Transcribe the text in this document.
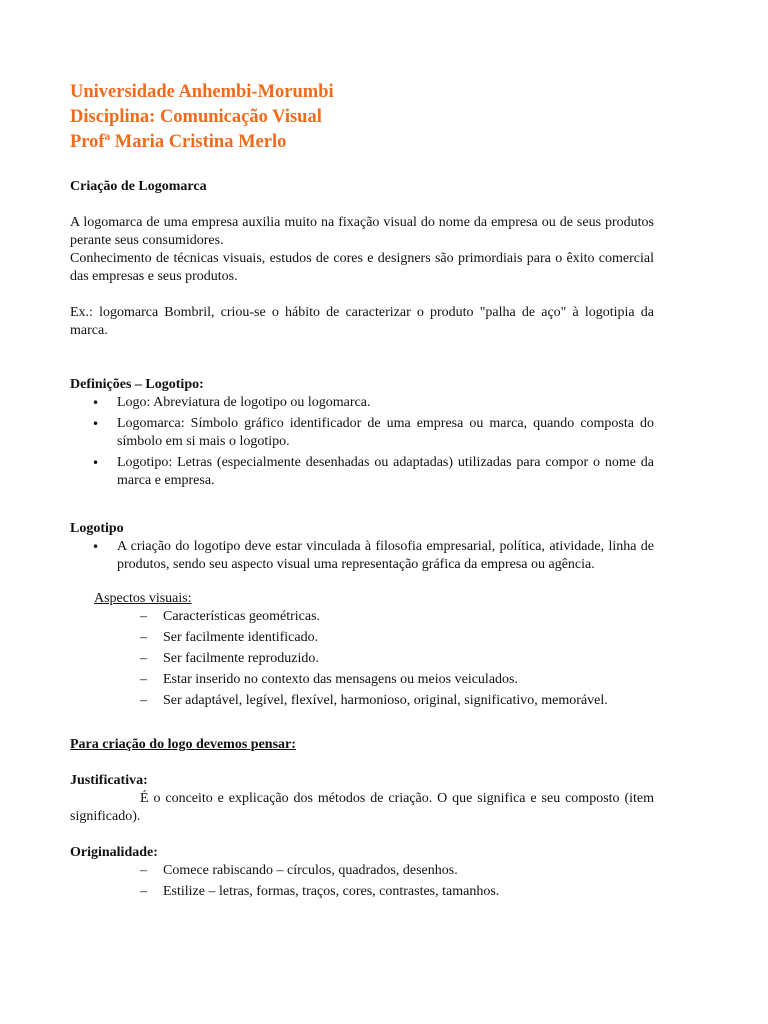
Universidade Anhembi-Morumbi
Disciplina: Comunicação Visual
Profª Maria Cristina Merlo
Criação de Logomarca
A logomarca de uma empresa auxilia muito na fixação visual do nome da empresa ou de seus produtos perante seus consumidores.
Conhecimento de técnicas visuais, estudos de cores e designers são primordiais para o êxito comercial das empresas e seus produtos.
Ex.: logomarca Bombril, criou-se o hábito de caracterizar o produto "palha de aço" à logotipia da marca.
Definições – Logotipo:
• Logo: Abreviatura de logotipo ou logomarca.
• Logomarca: Símbolo gráfico identificador de uma empresa ou marca, quando composta do símbolo em si mais o logotipo.
• Logotipo: Letras (especialmente desenhadas ou adaptadas) utilizadas para compor o nome da marca e empresa.
Logotipo
• A criação do logotipo deve estar vinculada à filosofia empresarial, política, atividade, linha de produtos, sendo seu aspecto visual uma representação gráfica da empresa ou agência.
Aspectos visuais:
– Características geométricas.
– Ser facilmente identificado.
– Ser facilmente reproduzido.
– Estar inserido no contexto das mensagens ou meios veiculados.
– Ser adaptável, legível, flexível, harmonioso, original, significativo, memorável.
Para criação do logo devemos pensar:
Justificativa:
É o conceito e explicação dos métodos de criação. O que significa e seu composto (item significado).
Originalidade:
– Comece rabiscando – círculos, quadrados, desenhos.
– Estilize – letras, formas, traços, cores, contrastes, tamanhos.
